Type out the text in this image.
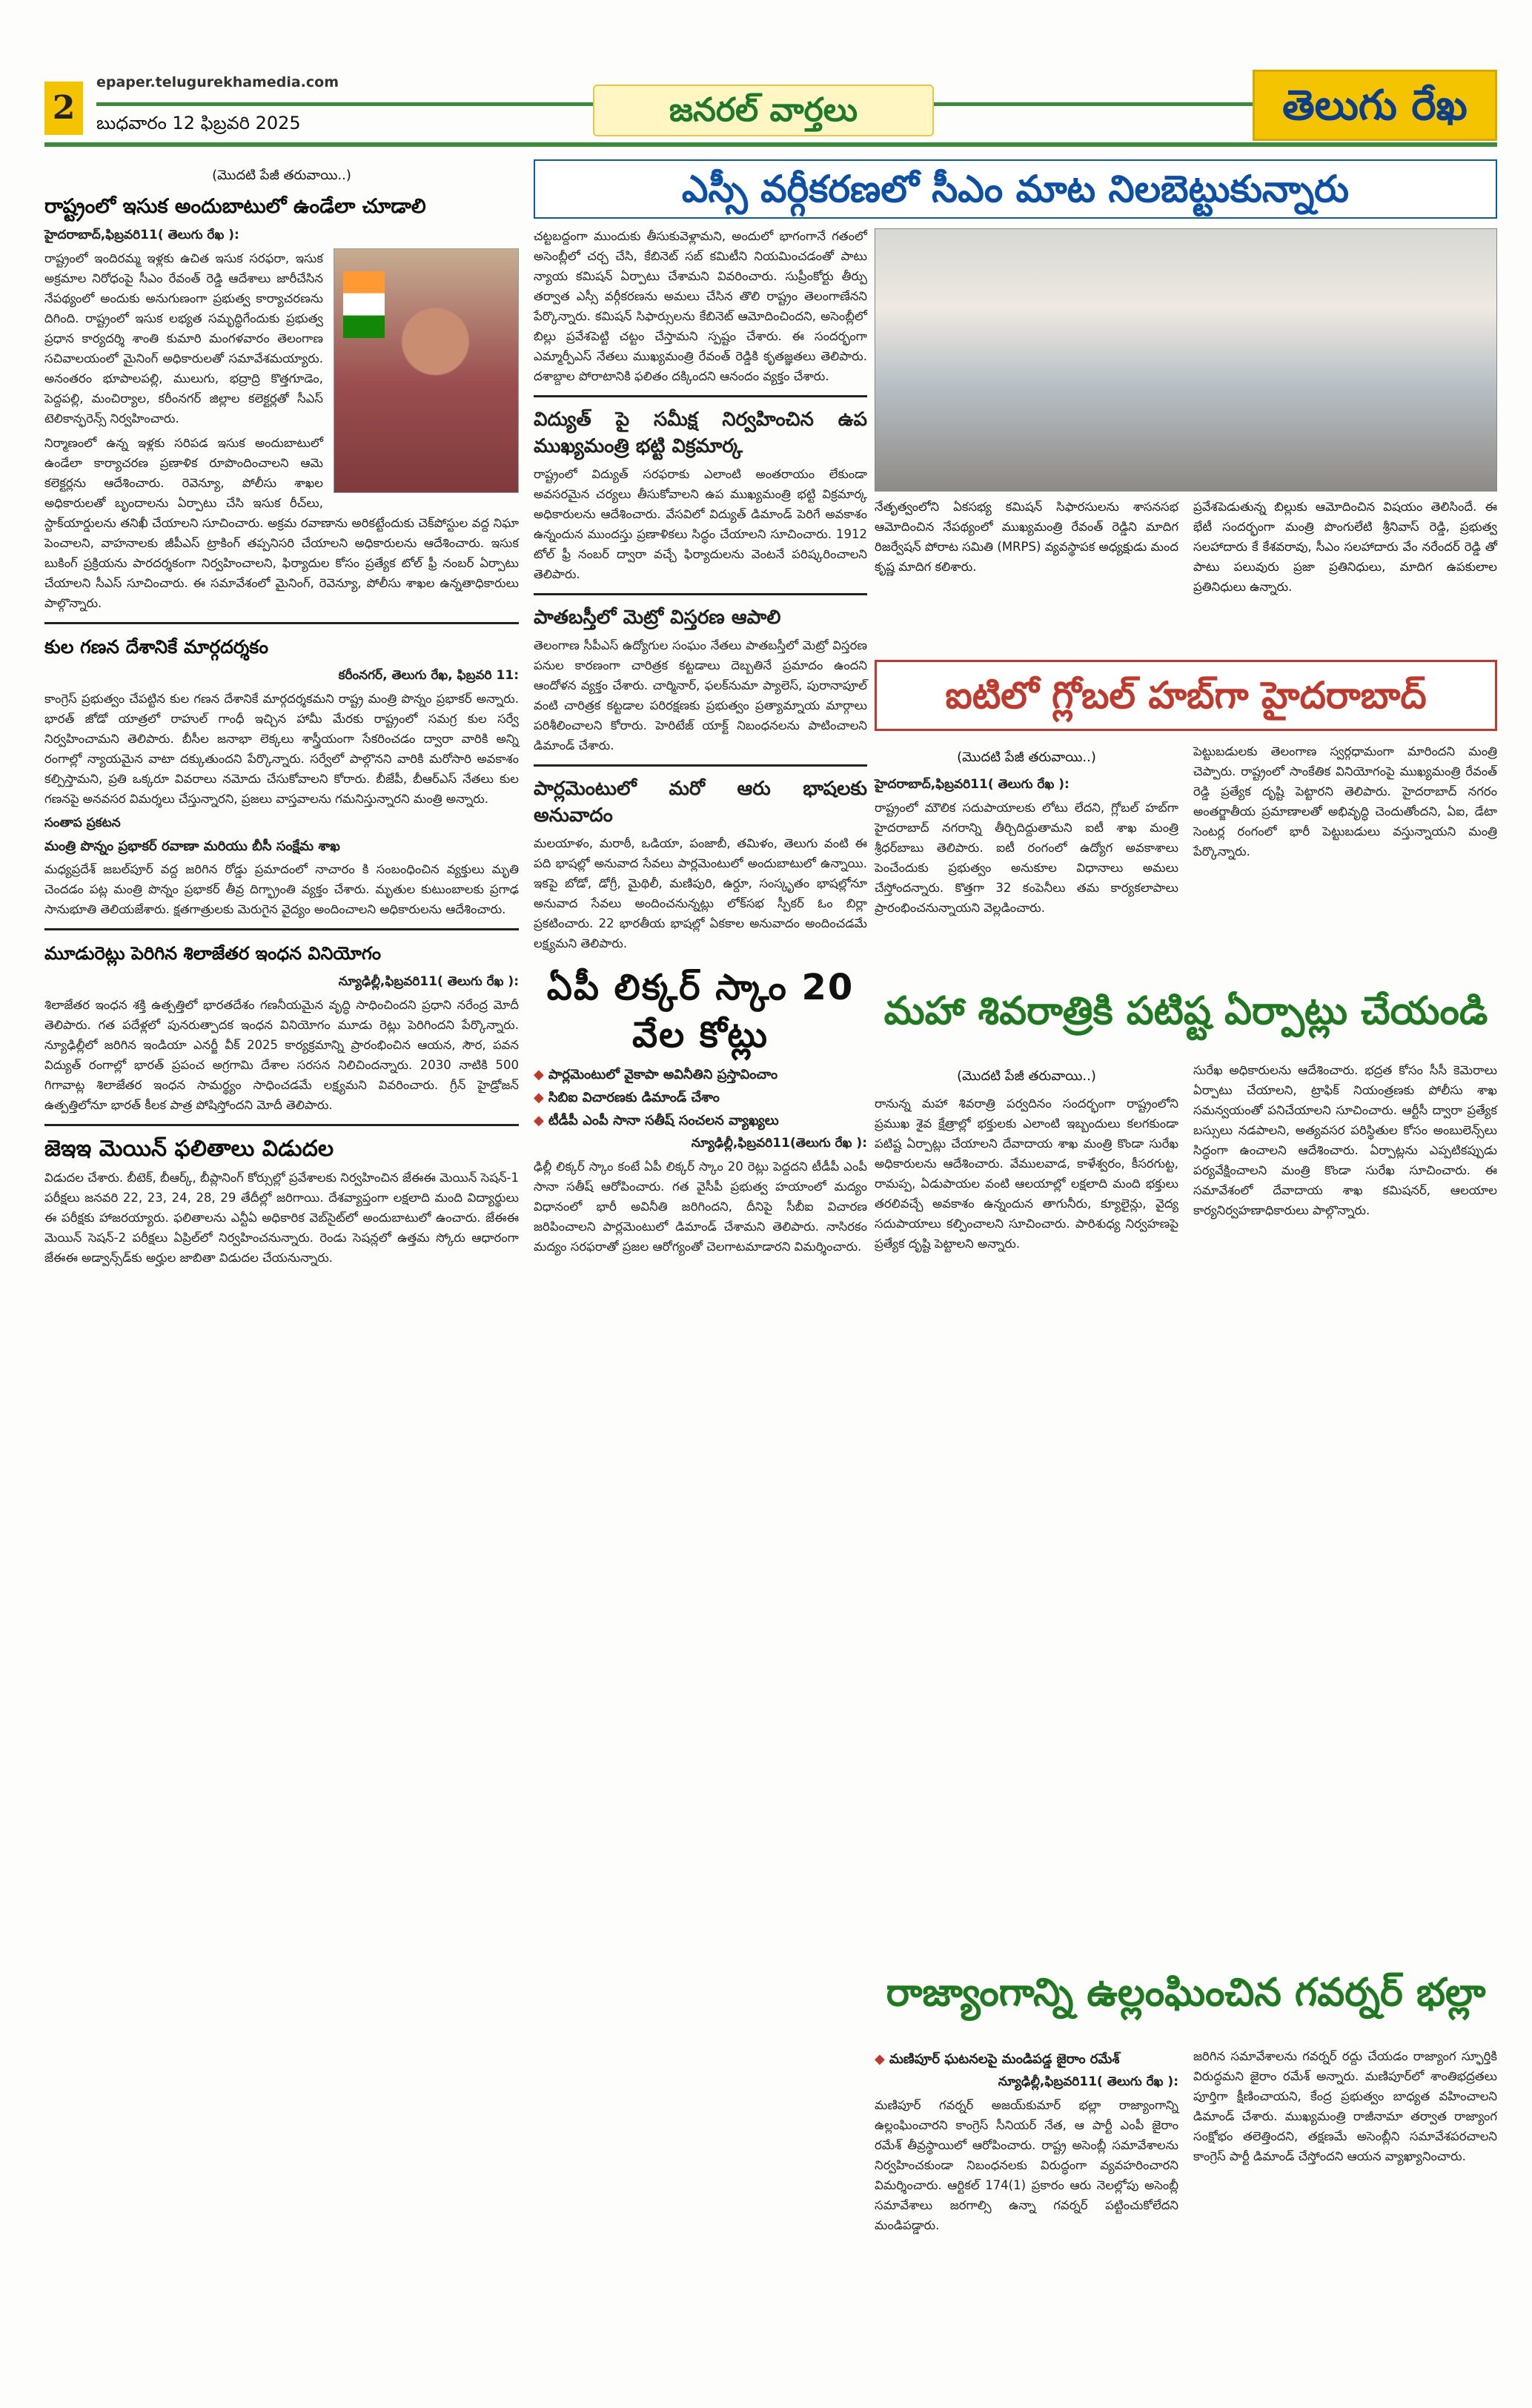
2
epaper.telugurekhamedia.com
బుధవారం 12 ఫిబ్రవరి 2025	జనరల్ వార్తలు	తెలుగు రేఖ
(మొదటి పేజీ తరువాయి..)
రాష్ట్రంలో ఇసుక అందుబాటులో ఉండేలా చూడాలి
హైదరాబాద్,ఫిబ్రవరి11( తెలుగు రేఖ ):

రాష్ట్రంలో ఇందిరమ్మ ఇళ్లకు ఉచిత ఇసుక సరఫరా, ఇసుక అక్రమాల నిరోధంపై సీఎం రేవంత్ రెడ్డి ఆదేశాలు జారీచేసిన నేపథ్యంలో అందుకు అనుగుణంగా ప్రభుత్వ కార్యాచరణను దిగింది. రాష్ట్రంలో ఇసుక లభ్యత సమృద్ధిగేందుకు ప్రభుత్వ ప్రధాన కార్యదర్శి శాంతి కుమారి మంగళవారం తెలంగాణ సచివాలయంలో మైనింగ్ అధికారులతో సమావేశమయ్యారు. అనంతరం భూపాలపల్లి, ములుగు, భద్రాద్రి కొత్తగూడెం, పెద్దపల్లి, మంచిర్యాల, కరీంనగర్ జిల్లాల కలెక్టర్లతో సీఎస్ టెలికాన్ఫరెన్స్ నిర్వహించారు.

నిర్మాణంలో ఉన్న ఇళ్లకు సరిపడ ఇసుక అందుబాటులో ఉండేలా కార్యాచరణ ప్రణాళిక రూపొందించాలని ఆమె కలెక్టర్లను ఆదేశించారు. రెవెన్యూ, పోలీసు శాఖల అధికారులతో బృందాలను ఏర్పాటు చేసి ఇసుక రీచ్‌లు, స్టాక్‌యార్డులను తనిఖీ చేయాలని సూచించారు. అక్రమ రవాణాను అరికట్టేందుకు చెక్‌పోస్టుల వద్ద నిఘా పెంచాలని, వాహనాలకు జీపీఎస్ ట్రాకింగ్ తప్పనిసరి చేయాలని అధికారులను ఆదేశించారు. ఇసుక బుకింగ్ ప్రక్రియను పారదర్శకంగా నిర్వహించాలని, ఫిర్యాదుల కోసం ప్రత్యేక టోల్ ఫ్రీ నంబర్ ఏర్పాటు చేయాలని సీఎస్ సూచించారు. ఈ సమావేశంలో మైనింగ్, రెవెన్యూ, పోలీసు శాఖల ఉన్నతాధికారులు పాల్గొన్నారు.

కుల గణన దేశానికే మార్గదర్శకం
కరీంనగర్, తెలుగు రేఖ, ఫిబ్రవరి 11:

కాంగ్రెస్ ప్రభుత్వం చేపట్టిన కుల గణన దేశానికే మార్గదర్శకమని రాష్ట్ర మంత్రి పొన్నం ప్రభాకర్ అన్నారు. భారత్ జోడో యాత్రలో రాహుల్ గాంధీ ఇచ్చిన హామీ మేరకు రాష్ట్రంలో సమగ్ర కుల సర్వే నిర్వహించామని తెలిపారు. బీసీల జనాభా లెక్కలు శాస్త్రీయంగా సేకరించడం ద్వారా వారికి అన్ని రంగాల్లో న్యాయమైన వాటా దక్కుతుందని పేర్కొన్నారు. సర్వేలో పాల్గొనని వారికి మరోసారి అవకాశం కల్పిస్తామని, ప్రతి ఒక్కరూ వివరాలు నమోదు చేసుకోవాలని కోరారు. బీజేపీ, బీఆర్ఎస్ నేతలు కుల గణనపై అనవసర విమర్శలు చేస్తున్నారని, ప్రజలు వాస్తవాలను గమనిస్తున్నారని మంత్రి అన్నారు.

సంతాప ప్రకటన
మంత్రి పొన్నం ప్రభాకర్ రవాణా మరియు బీసీ సంక్షేమ శాఖ

మధ్యప్రదేశ్ జబల్‌పూర్ వద్ద జరిగిన రోడ్డు ప్రమాదంలో నాచారం కి సంబంధించిన వ్యక్తులు మృతి చెందడం పట్ల మంత్రి పొన్నం ప్రభాకర్ తీవ్ర దిగ్భ్రాంతి వ్యక్తం చేశారు. మృతుల కుటుంబాలకు ప్రగాఢ సానుభూతి తెలియజేశారు. క్షతగాత్రులకు మెరుగైన వైద్యం అందించాలని అధికారులను ఆదేశించారు.

మూడురెట్లు పెరిగిన శిలాజేతర ఇంధన వినియోగం
న్యూఢిల్లీ,ఫిబ్రవరి11( తెలుగు రేఖ ):

శిలాజేతర ఇంధన శక్తి ఉత్పత్తిలో భారతదేశం గణనీయమైన వృద్ధి సాధించిందని ప్రధాని నరేంద్ర మోదీ తెలిపారు. గత పదేళ్లలో పునరుత్పాదక ఇంధన వినియోగం మూడు రెట్లు పెరిగిందని పేర్కొన్నారు. న్యూఢిల్లీలో జరిగిన ఇండియా ఎనర్జీ వీక్ 2025 కార్యక్రమాన్ని ప్రారంభించిన ఆయన, సౌర, పవన విద్యుత్ రంగాల్లో భారత్ ప్రపంచ అగ్రగామి దేశాల సరసన నిలిచిందన్నారు. 2030 నాటికి 500 గిగావాట్ల శిలాజేతర ఇంధన సామర్థ్యం సాధించడమే లక్ష్యమని వివరించారు. గ్రీన్ హైడ్రోజన్ ఉత్పత్తిలోనూ భారత్ కీలక పాత్ర పోషిస్తోందని మోదీ తెలిపారు.

జెఇఇ మెయిన్ ఫలితాలు విడుదల

విడుదల చేశారు. బీటెక్, బీఆర్క్, బీప్లానింగ్ కోర్సుల్లో ప్రవేశాలకు నిర్వహించిన జేఈఈ మెయిన్ సెషన్-1 పరీక్షలు జనవరి 22, 23, 24, 28, 29 తేదీల్లో జరిగాయి. దేశవ్యాప్తంగా లక్షలాది మంది విద్యార్థులు ఈ పరీక్షకు హాజరయ్యారు. ఫలితాలను ఎన్టీఏ అధికారిక వెబ్‌సైట్‌లో అందుబాటులో ఉంచారు. జేఈఈ మెయిన్ సెషన్-2 పరీక్షలు ఏప్రిల్‌లో నిర్వహించనున్నారు. రెండు సెషన్లలో ఉత్తమ స్కోరు ఆధారంగా జేఈఈ అడ్వాన్స్‌డ్‌కు అర్హుల జాబితా విడుదల చేయనున్నారు.

ఎస్సీ వర్గీకరణలో సీఎం మాట నిలబెట్టుకున్నారు

చట్టబద్దంగా ముందుకు తీసుకువెళ్లామని, అందులో భాగంగానే గతంలో అసెంబ్లీలో చర్చ చేసి, కేబినెట్ సబ్ కమిటీని నియమించడంతో పాటు న్యాయ కమిషన్ ఏర్పాటు చేశామని వివరించారు. సుప్రీంకోర్టు తీర్పు తర్వాత ఎస్సీ వర్గీకరణను అమలు చేసిన తొలి రాష్ట్రం తెలంగాణేనని పేర్కొన్నారు. కమిషన్ సిఫార్సులను కేబినెట్ ఆమోదించిందని, అసెంబ్లీలో బిల్లు ప్రవేశపెట్టి చట్టం చేస్తామని స్పష్టం చేశారు. ఈ సందర్భంగా ఎమ్మార్పీఎస్ నేతలు ముఖ్యమంత్రి రేవంత్ రెడ్డికి కృతజ్ఞతలు తెలిపారు. దశాబ్దాల పోరాటానికి ఫలితం దక్కిందని ఆనందం వ్యక్తం చేశారు.

విద్యుత్ పై సమీక్ష నిర్వహించిన ఉప ముఖ్యమంత్రి భట్టి విక్రమార్క

రాష్ట్రంలో విద్యుత్ సరఫరాకు ఎలాంటి అంతరాయం లేకుండా అవసరమైన చర్యలు తీసుకోవాలని ఉప ముఖ్యమంత్రి భట్టి విక్రమార్క అధికారులను ఆదేశించారు. వేసవిలో విద్యుత్ డిమాండ్ పెరిగే అవకాశం ఉన్నందున ముందస్తు ప్రణాళికలు సిద్ధం చేయాలని సూచించారు. 1912 టోల్ ఫ్రీ నంబర్ ద్వారా వచ్చే ఫిర్యాదులను వెంటనే పరిష్కరించాలని తెలిపారు.

పాతబస్తీలో మెట్రో విస్తరణ ఆపాలి

తెలంగాణ సీపీఎస్ ఉద్యోగుల సంఘం నేతలు పాతబస్తీలో మెట్రో విస్తరణ పనుల కారణంగా చారిత్రక కట్టడాలు దెబ్బతినే ప్రమాదం ఉందని ఆందోళన వ్యక్తం చేశారు. చార్మినార్, ఫలక్‌నుమా ప్యాలెస్, పురానాపూల్ వంటి చారిత్రక కట్టడాల పరిరక్షణకు ప్రభుత్వం ప్రత్యామ్నాయ మార్గాలు పరిశీలించాలని కోరారు. హెరిటేజ్ యాక్ట్ నిబంధనలను పాటించాలని డిమాండ్ చేశారు.

పార్లమెంటులో మరో ఆరు భాషలకు అనువాదం

మలయాళం, మరాఠీ, ఒడియా, పంజాబీ, తమిళం, తెలుగు వంటి ఈ పది భాషల్లో అనువాద సేవలు పార్లమెంటులో అందుబాటులో ఉన్నాయి. ఇకపై బోడో, డోగ్రీ, మైథిలీ, మణిపురి, ఉర్దూ, సంస్కృతం భాషల్లోనూ అనువాద సేవలు అందించనున్నట్లు లోక్‌సభ స్పీకర్ ఓం బిర్లా ప్రకటించారు. 22 భారతీయ భాషల్లో ఏకకాల అనువాదం అందించడమే లక్ష్యమని తెలిపారు.

ఏపీ లిక్కర్ స్కాం 20 వేల కోట్లు
◆ పార్లమెంటులో వైకాపా అవినీతిని ప్రస్తావించాం
◆ సిబిఐ విచారణకు డిమాండ్ చేశాం
◆ టీడీపీ ఎంపీ సానా సతీష్ సంచలన వ్యాఖ్యలు
న్యూఢిల్లీ,ఫిబ్రవరి11(తెలుగు రేఖ ):

ఢిల్లీ లిక్కర్ స్కాం కంటే ఏపీ లిక్కర్ స్కాం 20 రెట్లు పెద్దదని టీడీపీ ఎంపీ సానా సతీష్ ఆరోపించారు. గత వైసీపీ ప్రభుత్వ హయాంలో మద్యం విధానంలో భారీ అవినీతి జరిగిందని, దీనిపై సీబీఐ విచారణ జరిపించాలని పార్లమెంటులో డిమాండ్ చేశామని తెలిపారు. నాసిరకం మద్యం సరఫరాతో ప్రజల ఆరోగ్యంతో చెలగాటమాడారని విమర్శించారు.

నేతృత్వంలోని ఏకసభ్య కమిషన్ సిఫారసులను శాసనసభ ఆమోదించిన నేపథ్యంలో ముఖ్యమంత్రి రేవంత్ రెడ్డిని మాదిగ రిజర్వేషన్ పోరాట సమితి (MRPS) వ్యవస్థాపక అధ్యక్షుడు మంద కృష్ణ మాదిగ కలిశారు.
ప్రవేశపెడుతున్న బిల్లుకు ఆమోదించిన విషయం తెలిసిందే. ఈ భేటీ సందర్భంగా మంత్రి పొంగులేటి శ్రీనివాస్ రెడ్డి, ప్రభుత్వ సలహాదారు కే కేశవరావు, సీఎం సలహాదారు వేం నరేందర్ రెడ్డి తో పాటు పలువురు ప్రజా ప్రతినిధులు, మాదిగ ఉపకులాల ప్రతినిధులు ఉన్నారు.
ఐటిలో గ్లోబల్ హబ్‌గా హైదరాబాద్
(మొదటి పేజీ తరువాయి..)
హైదరాబాద్,ఫిబ్రవరి11( తెలుగు రేఖ ):

రాష్ట్రంలో మౌలిక సదుపాయాలకు లోటు లేదని, గ్లోబల్ హబ్‌గా హైదరాబాద్ నగరాన్ని తీర్చిదిద్దుతామని ఐటీ శాఖ మంత్రి శ్రీధర్‌బాబు తెలిపారు. ఐటీ రంగంలో ఉద్యోగ అవకాశాలు పెంచేందుకు ప్రభుత్వం అనుకూల విధానాలు అమలు చేస్తోందన్నారు. కొత్తగా 32 కంపెనీలు తమ కార్యకలాపాలు ప్రారంభించనున్నాయని వెల్లడించారు.

పెట్టుబడులకు తెలంగాణ స్వర్గధామంగా మారిందని మంత్రి చెప్పారు. రాష్ట్రంలో సాంకేతిక వినియోగంపై ముఖ్యమంత్రి రేవంత్ రెడ్డి ప్రత్యేక దృష్టి పెట్టారని తెలిపారు. హైదరాబాద్ నగరం అంతర్జాతీయ ప్రమాణాలతో అభివృద్ధి చెందుతోందని, ఏఐ, డేటా సెంటర్ల రంగంలో భారీ పెట్టుబడులు వస్తున్నాయని మంత్రి పేర్కొన్నారు.

మహా శివరాత్రికి పటిష్ట ఏర్పాట్లు చేయండి
(మొదటి పేజీ తరువాయి..)

రానున్న మహా శివరాత్రి పర్వదినం సందర్భంగా రాష్ట్రంలోని ప్రముఖ శైవ క్షేత్రాల్లో భక్తులకు ఎలాంటి ఇబ్బందులు కలగకుండా పటిష్ట ఏర్పాట్లు చేయాలని దేవాదాయ శాఖ మంత్రి కొండా సురేఖ అధికారులను ఆదేశించారు. వేములవాడ, కాళేశ్వరం, కీసరగుట్ట, రామప్ప, ఏడుపాయల వంటి ఆలయాల్లో లక్షలాది మంది భక్తులు తరలివచ్చే అవకాశం ఉన్నందున తాగునీరు, క్యూలైన్లు, వైద్య సదుపాయాలు కల్పించాలని సూచించారు. పారిశుధ్య నిర్వహణపై ప్రత్యేక దృష్టి పెట్టాలని అన్నారు.

సురేఖ అధికారులను ఆదేశించారు. భద్రత కోసం సీసీ కెమెరాలు ఏర్పాటు చేయాలని, ట్రాఫిక్ నియంత్రణకు పోలీసు శాఖ సమన్వయంతో పనిచేయాలని సూచించారు. ఆర్టీసీ ద్వారా ప్రత్యేక బస్సులు నడపాలని, అత్యవసర పరిస్థితుల కోసం అంబులెన్స్‌లు సిద్ధంగా ఉంచాలని ఆదేశించారు. ఏర్పాట్లను ఎప్పటికప్పుడు పర్యవేక్షించాలని మంత్రి కొండా సురేఖ సూచించారు. ఈ సమావేశంలో దేవాదాయ శాఖ కమిషనర్, ఆలయాల కార్యనిర్వహణాధికారులు పాల్గొన్నారు.

రాజ్యాంగాన్ని ఉల్లంఘించిన గవర్నర్ భల్లా
◆ మణిపూర్ ఘటనలపై మండిపడ్డ జైరాం రమేశ్
న్యూఢిల్లీ,ఫిబ్రవరి11( తెలుగు రేఖ ):

మణిపూర్ గవర్నర్ అజయ్‌కుమార్ భల్లా రాజ్యాంగాన్ని ఉల్లంఘించారని కాంగ్రెస్ సీనియర్ నేత, ఆ పార్టీ ఎంపీ జైరాం రమేశ్ తీవ్రస్థాయిలో ఆరోపించారు. రాష్ట్ర అసెంబ్లీ సమావేశాలను నిర్వహించకుండా నిబంధనలకు విరుద్ధంగా వ్యవహరించారని విమర్శించారు. ఆర్టికల్ 174(1) ప్రకారం ఆరు నెలల్లోపు అసెంబ్లీ సమావేశాలు జరగాల్సి ఉన్నా గవర్నర్ పట్టించుకోలేదని మండిపడ్డారు.

జరిగిన సమావేశాలను గవర్నర్ రద్దు చేయడం రాజ్యాంగ స్ఫూర్తికి విరుద్ధమని జైరాం రమేశ్ అన్నారు. మణిపూర్‌లో శాంతిభద్రతలు పూర్తిగా క్షీణించాయని, కేంద్ర ప్రభుత్వం బాధ్యత వహించాలని డిమాండ్ చేశారు. ముఖ్యమంత్రి రాజీనామా తర్వాత రాజ్యాంగ సంక్షోభం తలెత్తిందని, తక్షణమే అసెంబ్లీని సమావేశపరచాలని కాంగ్రెస్ పార్టీ డిమాండ్ చేస్తోందని ఆయన వ్యాఖ్యానించారు.
